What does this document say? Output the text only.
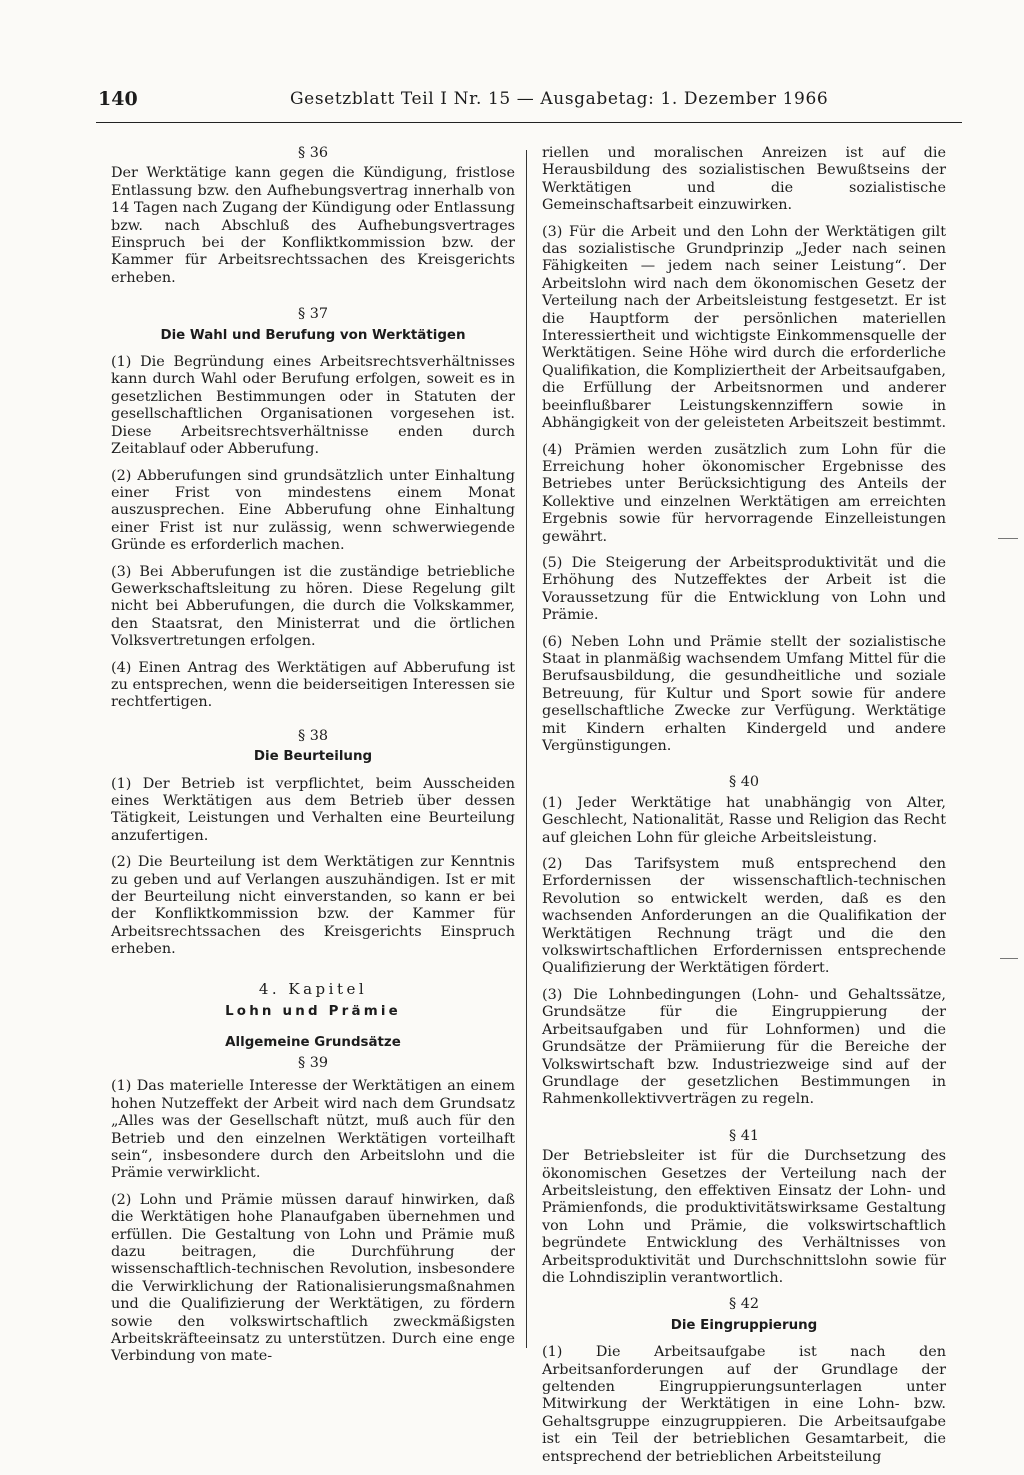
140	Gesetzblatt Teil I Nr. 15 — Ausgabetag: 1. Dezember 1966
§ 36

Der Werktätige kann gegen die Kündigung, fristlose Entlassung bzw. den Aufhebungsvertrag innerhalb von 14 Tagen nach Zugang der Kündigung oder Entlassung bzw. nach Abschluß des Aufhebungsvertrages Einspruch bei der Konfliktkommission bzw. der Kammer für Arbeitsrechtssachen des Kreisgerichts erheben.

§ 37
Die Wahl und Berufung von Werktätigen

(1) Die Begründung eines Arbeitsrechtsverhältnisses kann durch Wahl oder Berufung erfolgen, soweit es in gesetzlichen Bestimmungen oder in Statuten der gesellschaftlichen Organisationen vorgesehen ist. Diese Arbeitsrechtsverhältnisse enden durch Zeitablauf oder Abberufung.

(2) Abberufungen sind grundsätzlich unter Einhaltung einer Frist von mindestens einem Monat auszusprechen. Eine Abberufung ohne Einhaltung einer Frist ist nur zulässig, wenn schwerwiegende Gründe es erforderlich machen.

(3) Bei Abberufungen ist die zuständige betriebliche Gewerkschaftsleitung zu hören. Diese Regelung gilt nicht bei Abberufungen, die durch die Volkskammer, den Staatsrat, den Ministerrat und die örtlichen Volksvertretungen erfolgen.

(4) Einen Antrag des Werktätigen auf Abberufung ist zu entsprechen, wenn die beiderseitigen Interessen sie rechtfertigen.

§ 38
Die Beurteilung

(1) Der Betrieb ist verpflichtet, beim Ausscheiden eines Werktätigen aus dem Betrieb über dessen Tätigkeit, Leistungen und Verhalten eine Beurteilung anzufertigen.

(2) Die Beurteilung ist dem Werktätigen zur Kenntnis zu geben und auf Verlangen auszuhändigen. Ist er mit der Beurteilung nicht einverstanden, so kann er bei der Konfliktkommission bzw. der Kammer für Arbeitsrechtssachen des Kreisgerichts Einspruch erheben.

4. Kapitel
Lohn und Prämie
Allgemeine Grundsätze
§ 39

(1) Das materielle Interesse der Werktätigen an einem hohen Nutzeffekt der Arbeit wird nach dem Grundsatz „Alles was der Gesellschaft nützt, muß auch für den Betrieb und den einzelnen Werktätigen vorteilhaft sein“, insbesondere durch den Arbeitslohn und die Prämie verwirklicht.

(2) Lohn und Prämie müssen darauf hinwirken, daß die Werktätigen hohe Planaufgaben übernehmen und erfüllen. Die Gestaltung von Lohn und Prämie muß dazu beitragen, die Durchführung der wissenschaftlich-technischen Revolution, insbesondere die Verwirklichung der Rationalisierungsmaßnahmen und die Qualifizierung der Werktätigen, zu fördern sowie den volkswirtschaftlich zweckmäßigsten Arbeitskräfteeinsatz zu unterstützen. Durch eine enge Verbindung von mate-

riellen und moralischen Anreizen ist auf die Herausbildung des sozialistischen Bewußtseins der Werktätigen und die sozialistische Gemeinschaftsarbeit einzuwirken.

(3) Für die Arbeit und den Lohn der Werktätigen gilt das sozialistische Grundprinzip „Jeder nach seinen Fähigkeiten — jedem nach seiner Leistung“. Der Arbeitslohn wird nach dem ökonomischen Gesetz der Verteilung nach der Arbeitsleistung festgesetzt. Er ist die Hauptform der persönlichen materiellen Interessiertheit und wichtigste Einkommensquelle der Werktätigen. Seine Höhe wird durch die erforderliche Qualifikation, die Kompliziertheit der Arbeitsaufgaben, die Erfüllung der Arbeitsnormen und anderer beeinflußbarer Leistungskennziffern sowie in Abhängigkeit von der geleisteten Arbeitszeit bestimmt.

(4) Prämien werden zusätzlich zum Lohn für die Erreichung hoher ökonomischer Ergebnisse des Betriebes unter Berücksichtigung des Anteils der Kollektive und einzelnen Werktätigen am erreichten Ergebnis sowie für hervorragende Einzelleistungen gewährt.

(5) Die Steigerung der Arbeitsproduktivität und die Erhöhung des Nutzeffektes der Arbeit ist die Voraussetzung für die Entwicklung von Lohn und Prämie.

(6) Neben Lohn und Prämie stellt der sozialistische Staat in planmäßig wachsendem Umfang Mittel für die Berufsausbildung, die gesundheitliche und soziale Betreuung, für Kultur und Sport sowie für andere gesellschaftliche Zwecke zur Verfügung. Werktätige mit Kindern erhalten Kindergeld und andere Vergünstigungen.

§ 40

(1) Jeder Werktätige hat unabhängig von Alter, Geschlecht, Nationalität, Rasse und Religion das Recht auf gleichen Lohn für gleiche Arbeitsleistung.

(2) Das Tarifsystem muß entsprechend den Erfordernissen der wissenschaftlich-technischen Revolution so entwickelt werden, daß es den wachsenden Anforderungen an die Qualifikation der Werktätigen Rechnung trägt und die den volkswirtschaftlichen Erfordernissen entsprechende Qualifizierung der Werktätigen fördert.

(3) Die Lohnbedingungen (Lohn- und Gehaltssätze, Grundsätze für die Eingruppierung der Arbeitsaufgaben und für Lohnformen) und die Grundsätze der Prämiierung für die Bereiche der Volkswirtschaft bzw. Industriezweige sind auf der Grundlage der gesetzlichen Bestimmungen in Rahmenkollektivverträgen zu regeln.

§ 41

Der Betriebsleiter ist für die Durchsetzung des ökonomischen Gesetzes der Verteilung nach der Arbeitsleistung, den effektiven Einsatz der Lohn- und Prämienfonds, die produktivitätswirksame Gestaltung von Lohn und Prämie, die volkswirtschaftlich begründete Entwicklung des Verhältnisses von Arbeitsproduktivität und Durchschnittslohn sowie für die Lohndisziplin verantwortlich.

§ 42
Die Eingruppierung

(1) Die Arbeitsaufgabe ist nach den Arbeitsanforderungen auf der Grundlage der geltenden Eingruppierungsunterlagen unter Mitwirkung der Werktätigen in eine Lohn- bzw. Gehaltsgruppe einzugruppieren. Die Arbeitsaufgabe ist ein Teil der betrieblichen Gesamtarbeit, die entsprechend der betrieblichen Arbeitsteilung
